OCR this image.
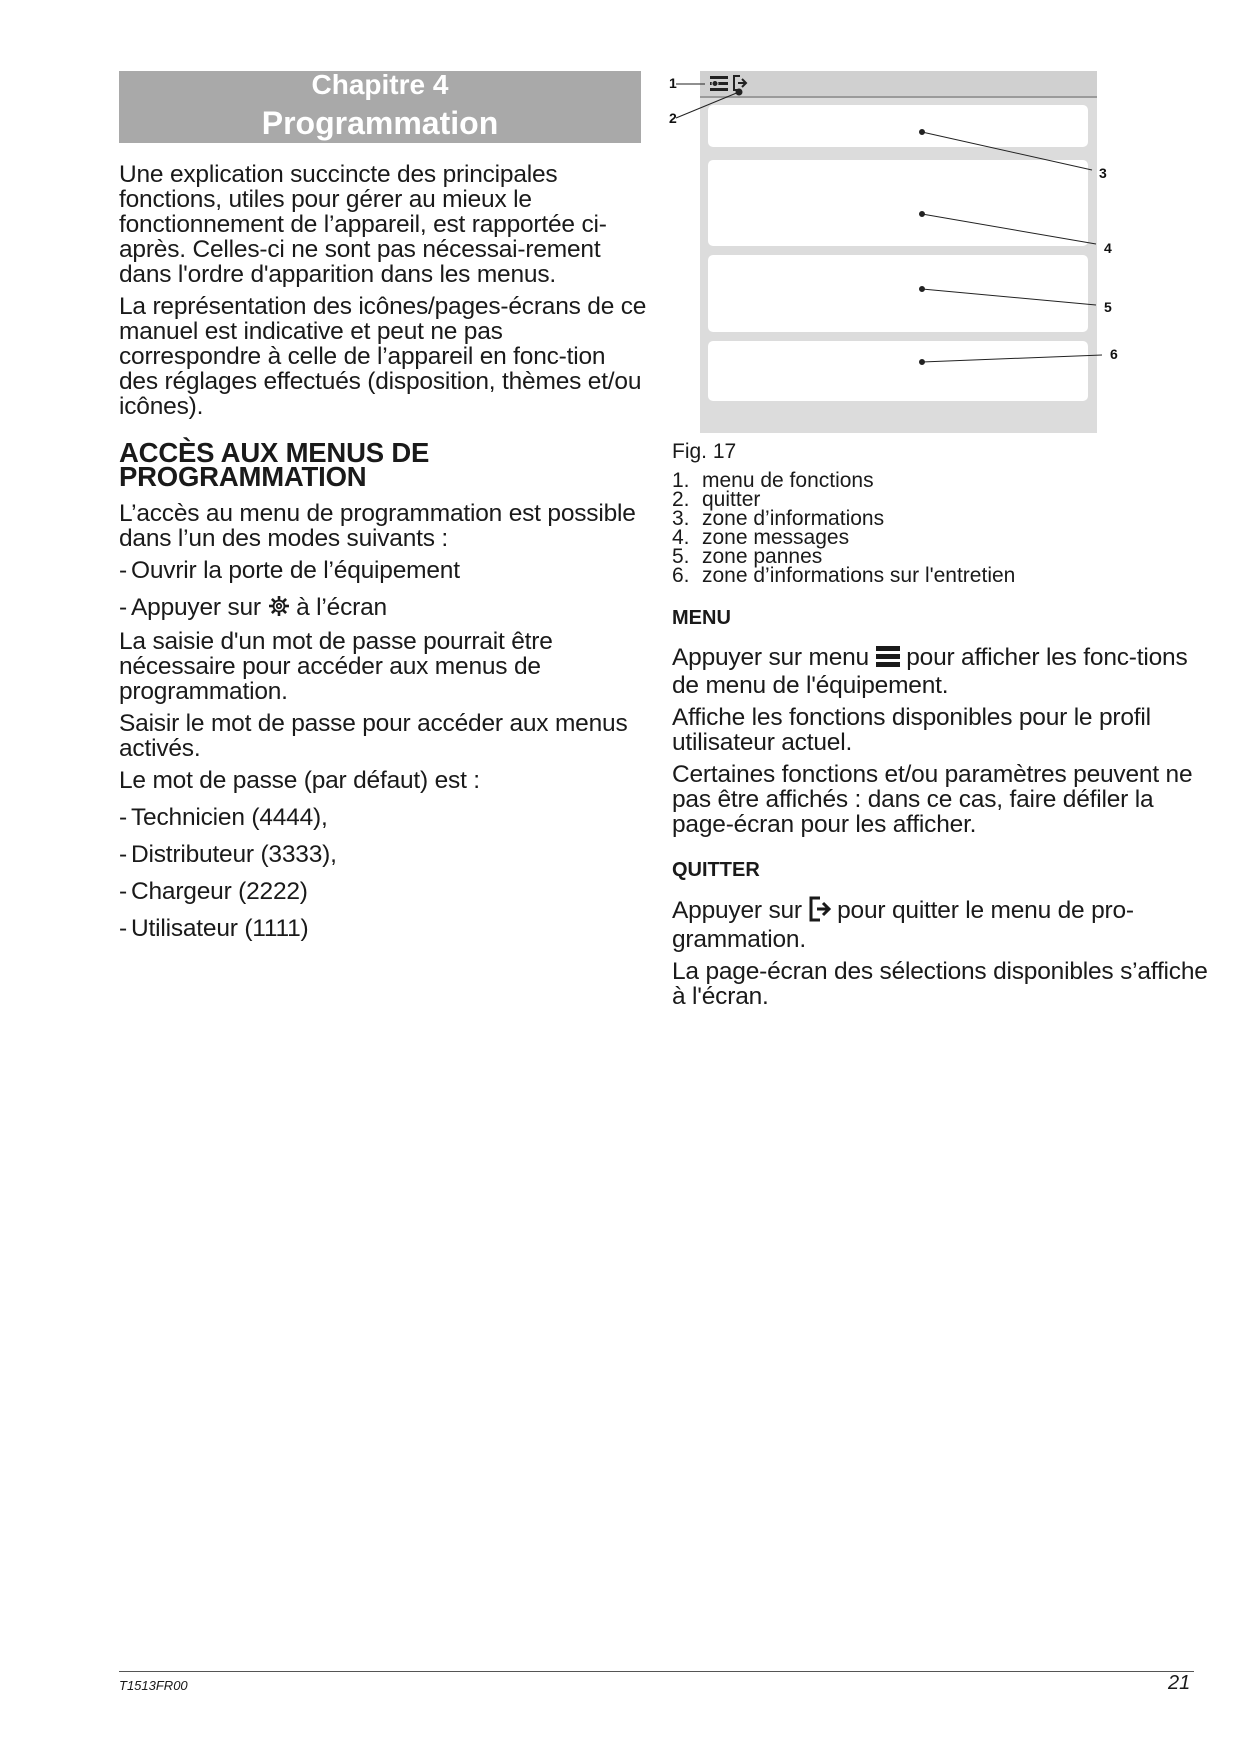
Chapitre 4
Programmation

Une explication succincte des principales fonctions, utiles pour gérer au mieux le fonctionnement de l’appareil, est rapportée ci-après. Celles-ci ne sont pas nécessai-rement dans l'ordre d'apparition dans les menus.

La représentation des icônes/pages-écrans de ce manuel est indicative et peut ne pas correspondre à celle de l’appareil en fonc-tion des réglages effectués (disposition, thèmes et/ou icônes).

ACCÈS AUX MENUS DE PROGRAMMATION

L’accès au menu de programmation est possible dans l’un des modes suivants :

- Ouvrir la porte de l’équipement

- Appuyer sur à l’écran

La saisie d'un mot de passe pourrait être nécessaire pour accéder aux menus de programmation.

Saisir le mot de passe pour accéder aux menus activés.

Le mot de passe (par défaut) est :

- Technicien (4444),

- Distributeur (3333),

- Chargeur (2222)

- Utilisateur (1111)

1
2
3
4
5
6
Fig. 17
1. menu de fonctions
2. quitter
3. zone d’informations
4. zone messages
5. zone pannes
6. zone d’informations sur l'entretien
MENU

Appuyer sur menu pour afficher les fonc-tions de menu de l'équipement.

Affiche les fonctions disponibles pour le profil utilisateur actuel.

Certaines fonctions et/ou paramètres peuvent ne pas être affichés : dans ce cas, faire défiler la page-écran pour les afficher.

QUITTER

Appuyer sur pour quitter le menu de pro-grammation.

La page-écran des sélections disponibles s’affiche à l'écran.

T1513FR00	21
